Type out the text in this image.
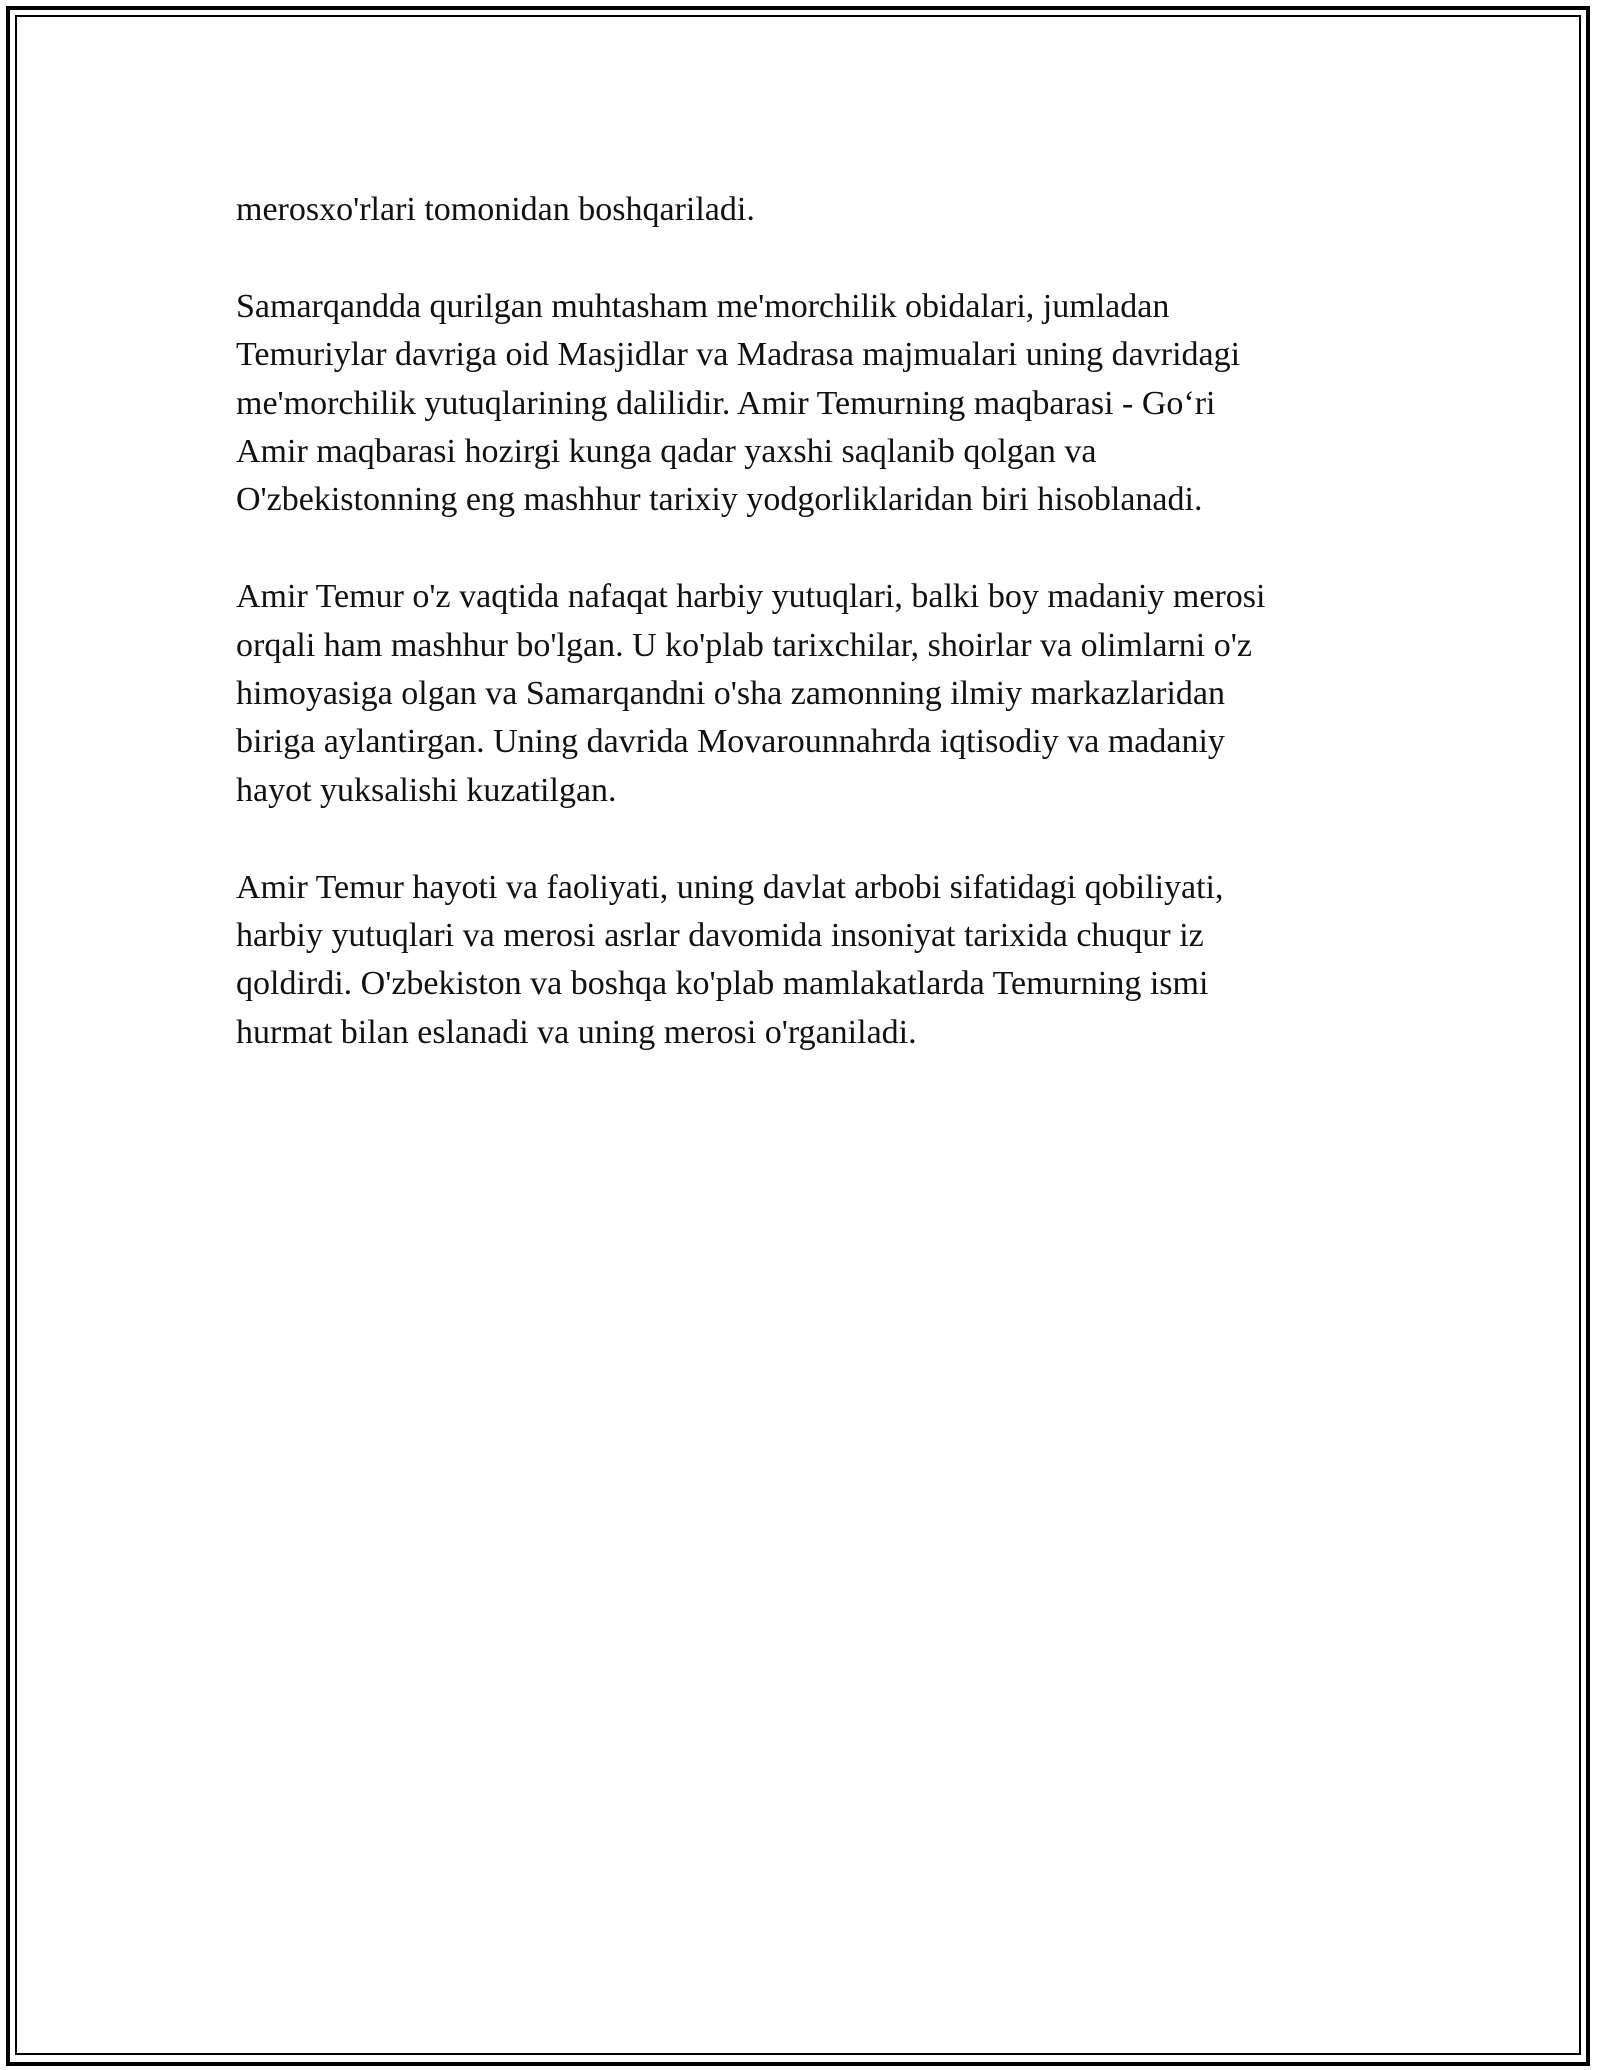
merosxo'rlari tomonidan boshqariladi.

Samarqandda qurilgan muhtasham me'morchilik obidalari, jumladan
Temuriylar davriga oid Masjidlar va Madrasa majmualari uning davridagi
me'morchilik yutuqlarining dalilidir. Amir Temurning maqbarasi - Go‘ri
Amir maqbarasi hozirgi kunga qadar yaxshi saqlanib qolgan va
O'zbekistonning eng mashhur tarixiy yodgorliklaridan biri hisoblanadi.

Amir Temur o'z vaqtida nafaqat harbiy yutuqlari, balki boy madaniy merosi
orqali ham mashhur bo'lgan. U ko'plab tarixchilar, shoirlar va olimlarni o'z
himoyasiga olgan va Samarqandni o'sha zamonning ilmiy markazlaridan
biriga aylantirgan. Uning davrida Movarounnahrda iqtisodiy va madaniy
hayot yuksalishi kuzatilgan.

Amir Temur hayoti va faoliyati, uning davlat arbobi sifatidagi qobiliyati,
harbiy yutuqlari va merosi asrlar davomida insoniyat tarixida chuqur iz
qoldirdi. O'zbekiston va boshqa ko'plab mamlakatlarda Temurning ismi
hurmat bilan eslanadi va uning merosi o'rganiladi.
